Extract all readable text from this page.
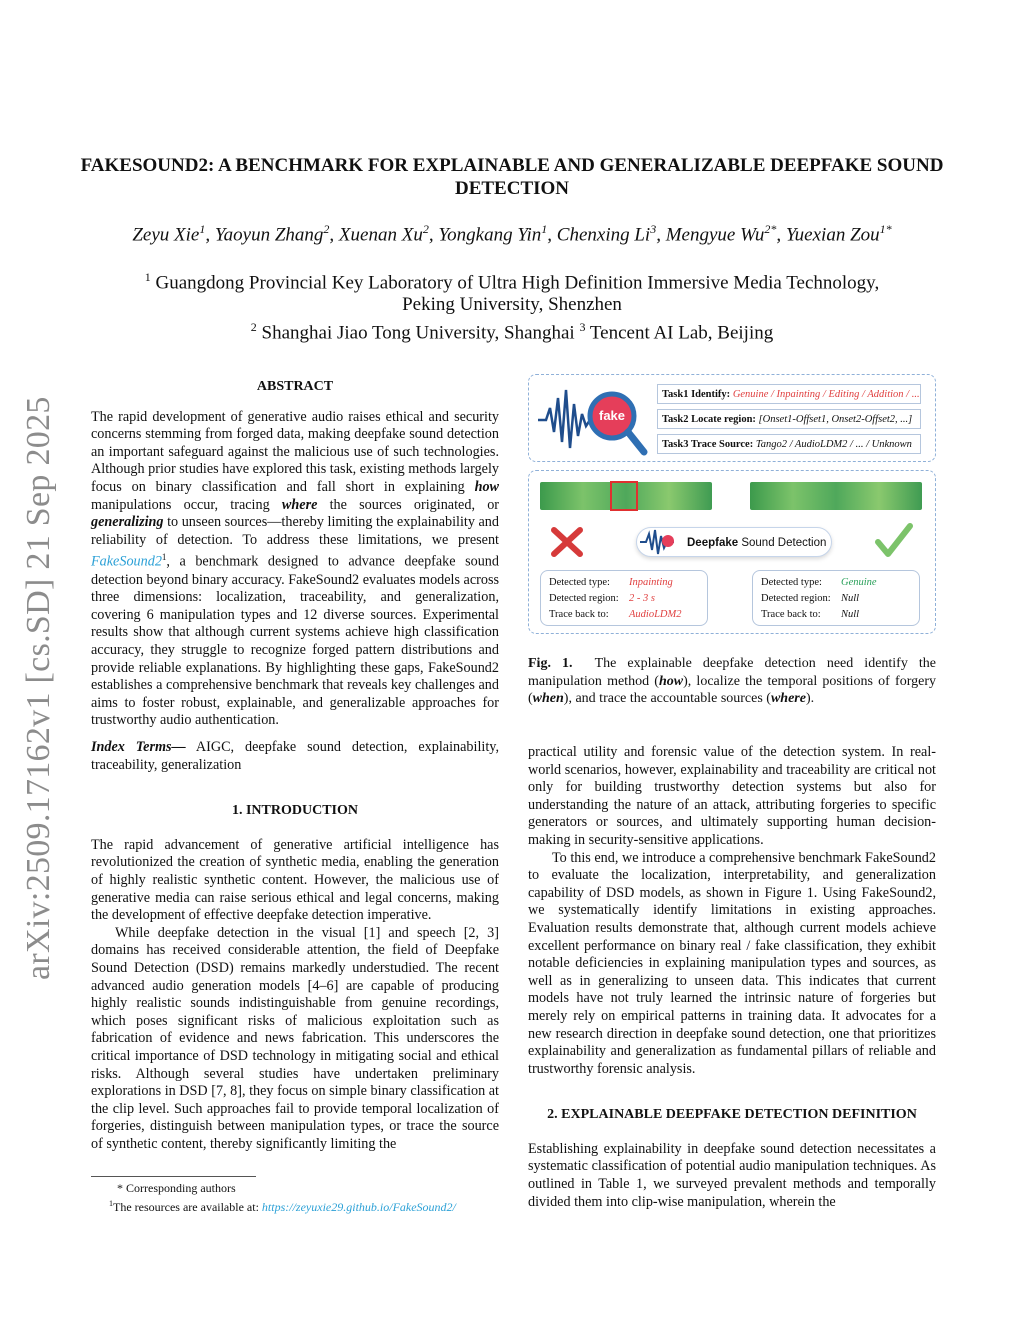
arXiv:2509.17162v1 [cs.SD] 21 Sep 2025
FAKESOUND2: A BENCHMARK FOR EXPLAINABLE AND GENERALIZABLE DEEPFAKE SOUND DETECTION
Zeyu Xie$^1$, Yaoyun Zhang$^2$, Xuenan Xu$^2$, Yongkang Yin$^1$, Chenxing Li$^3$, Mengyue $Wu^{2*}$, Yuexian Zou$^{1*}$
$^1$ Guangdong Provincial Key Laboratory of Ultra High Definition Immersive Media Technology,
Peking University, Shenzhen
$^2$ Shanghai Jiao Tong University, Shanghai $^3$ Tencent AI Lab, Beijing
ABSTRACT

The rapid development of generative audio raises ethical and security concerns stemming from forged data, making deepfake sound detection an important safeguard against the malicious use of such technologies. Although prior studies have explored this task, existing methods largely focus on binary classification and fall short in explaining how manipulations occur, tracing where the sources originated, or generalizing to unseen sources—thereby limiting the explainability and reliability of detection. To address these limitations, we present $FakeSound2^1$, a benchmark designed to advance deepfake sound detection beyond binary accuracy. FakeSound2 evaluates models across three dimensions: localization, traceability, and generalization, covering 6 manipulation types and 12 diverse sources. Experimental results show that although current systems achieve high classification accuracy, they struggle to recognize forged pattern distributions and provide reliable explanations. By highlighting these gaps, FakeSound2 establishes a comprehensive benchmark that reveals key challenges and aims to foster robust, explainable, and generalizable approaches for trustworthy audio authentication.

Index Terms— AIGC, deepfake sound detection, explainability, traceability, generalization

1. INTRODUCTION

The rapid advancement of generative artificial intelligence has revolutionized the creation of synthetic media, enabling the generation of highly realistic synthetic content. However, the malicious use of generative media can raise serious ethical and legal concerns, making the development of effective deepfake detection imperative.

While deepfake detection in the visual [1] and speech [2, 3] domains has received considerable attention, the field of Deepfake Sound Detection (DSD) remains markedly understudied. The recent advanced audio generation models [4–6] are capable of producing highly realistic sounds indistinguishable from genuine recordings, which poses significant risks of malicious exploitation such as fabrication of evidence and news fabrication. This underscores the critical importance of DSD technology in mitigating social and ethical risks. Although several studies have undertaken preliminary explorations in DSD [7, 8], they focus on simple binary classification at the clip level. Such approaches fail to provide temporal localization of forgeries, distinguish between manipulation types, or trace the source of synthetic content, thereby significantly limiting the

* Corresponding authors
$^1$The resources are available at: https://zeyuxie29.github.io/FakeSound2/
fake
Task1 Identify: Genuine / Inpainting / Editing / Addition / ...
Task2 Locate region: [Onset1-Offset1, Onset2-Offset2, ...]
Task3 Trace Source: Tango2 / AudioLDM2 / ... / Unknown
Deepfake Sound Detection
Detected type:	Inpainting
Detected region: 2 - 3 s
Trace back to:	AudioLDM2
Detected type:	Genuine
Detected region: Null
Trace back to:	Null

Fig. 1. The explainable deepfake detection need identify the manipulation method (how), localize the temporal positions of forgery (when), and trace the accountable sources (where).

practical utility and forensic value of the detection system. In real-world scenarios, however, explainability and traceability are critical not only for building trustworthy detection systems but also for understanding the nature of an attack, attributing forgeries to specific generators or sources, and ultimately supporting human decision-making in security-sensitive applications.

To this end, we introduce a comprehensive benchmark FakeSound2 to evaluate the localization, interpretability, and generalization capability of DSD models, as shown in Figure 1. Using FakeSound2, we systematically identify limitations in existing approaches. Evaluation results demonstrate that, although current models achieve excellent performance on binary real / fake classification, they exhibit notable deficiencies in explaining manipulation types and sources, as well as in generalizing to unseen data. This indicates that current models have not truly learned the intrinsic nature of forgeries but merely rely on empirical patterns in training data. It advocates for a new research direction in deepfake sound detection, one that prioritizes explainability and generalization as fundamental pillars of reliable and trustworthy forensic analysis.

2. EXPLAINABLE DEEPFAKE DETECTION DEFINITION

Establishing explainability in deepfake sound detection necessitates a systematic classification of potential audio manipulation techniques. As outlined in Table 1, we surveyed prevalent methods and temporally divided them into clip-wise manipulation, wherein the
